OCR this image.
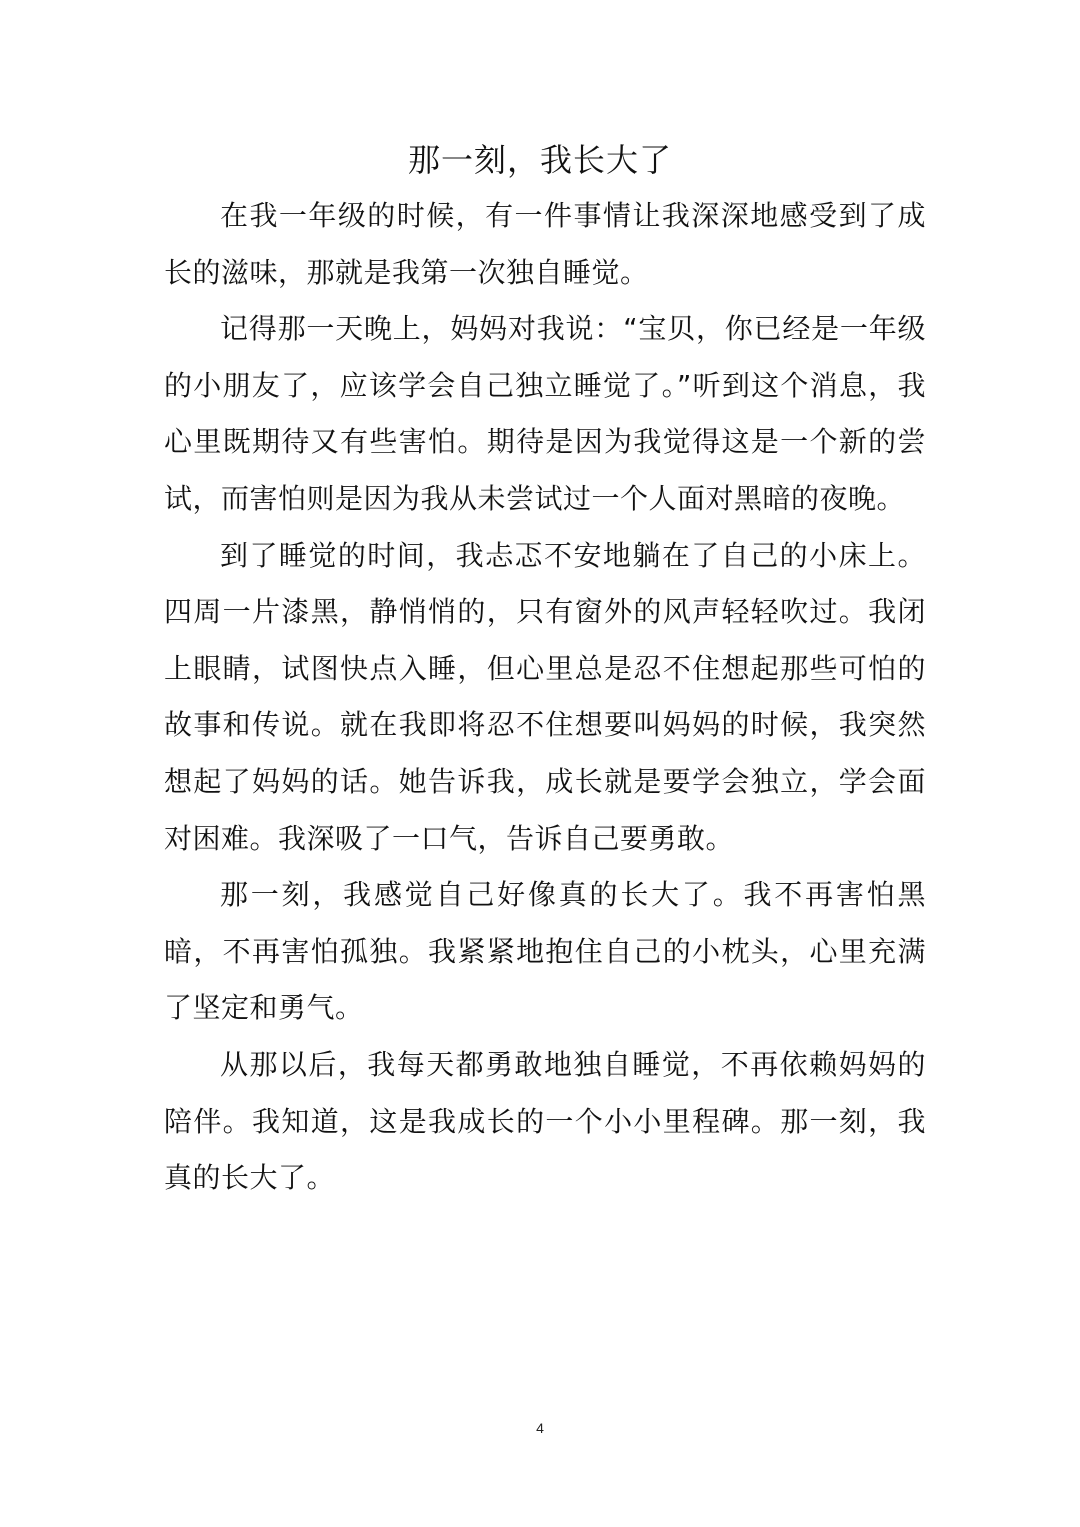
那一刻，我长大了

在我一年级的时候，有一件事情让我深深地感受到了成长的滋味，那就是我第一次独自睡觉。

记得那一天晚上，妈妈对我说：“宝贝，你已经是一年级的小朋友了，应该学会自己独立睡觉了。”听到这个消息，我心里既期待又有些害怕。期待是因为我觉得这是一个新的尝试，而害怕则是因为我从未尝试过一个人面对黑暗的夜晚。

到了睡觉的时间，我忐忑不安地躺在了自己的小床上。四周一片漆黑，静悄悄的，只有窗外的风声轻轻吹过。我闭上眼睛，试图快点入睡，但心里总是忍不住想起那些可怕的故事和传说。就在我即将忍不住想要叫妈妈的时候，我突然想起了妈妈的话。她告诉我，成长就是要学会独立，学会面对困难。我深吸了一口气，告诉自己要勇敢。

那一刻，我感觉自己好像真的长大了。我不再害怕黑暗，不再害怕孤独。我紧紧地抱住自己的小枕头，心里充满了坚定和勇气。

从那以后，我每天都勇敢地独自睡觉，不再依赖妈妈的陪伴。我知道，这是我成长的一个小小里程碑。那一刻，我真的长大了。

4
